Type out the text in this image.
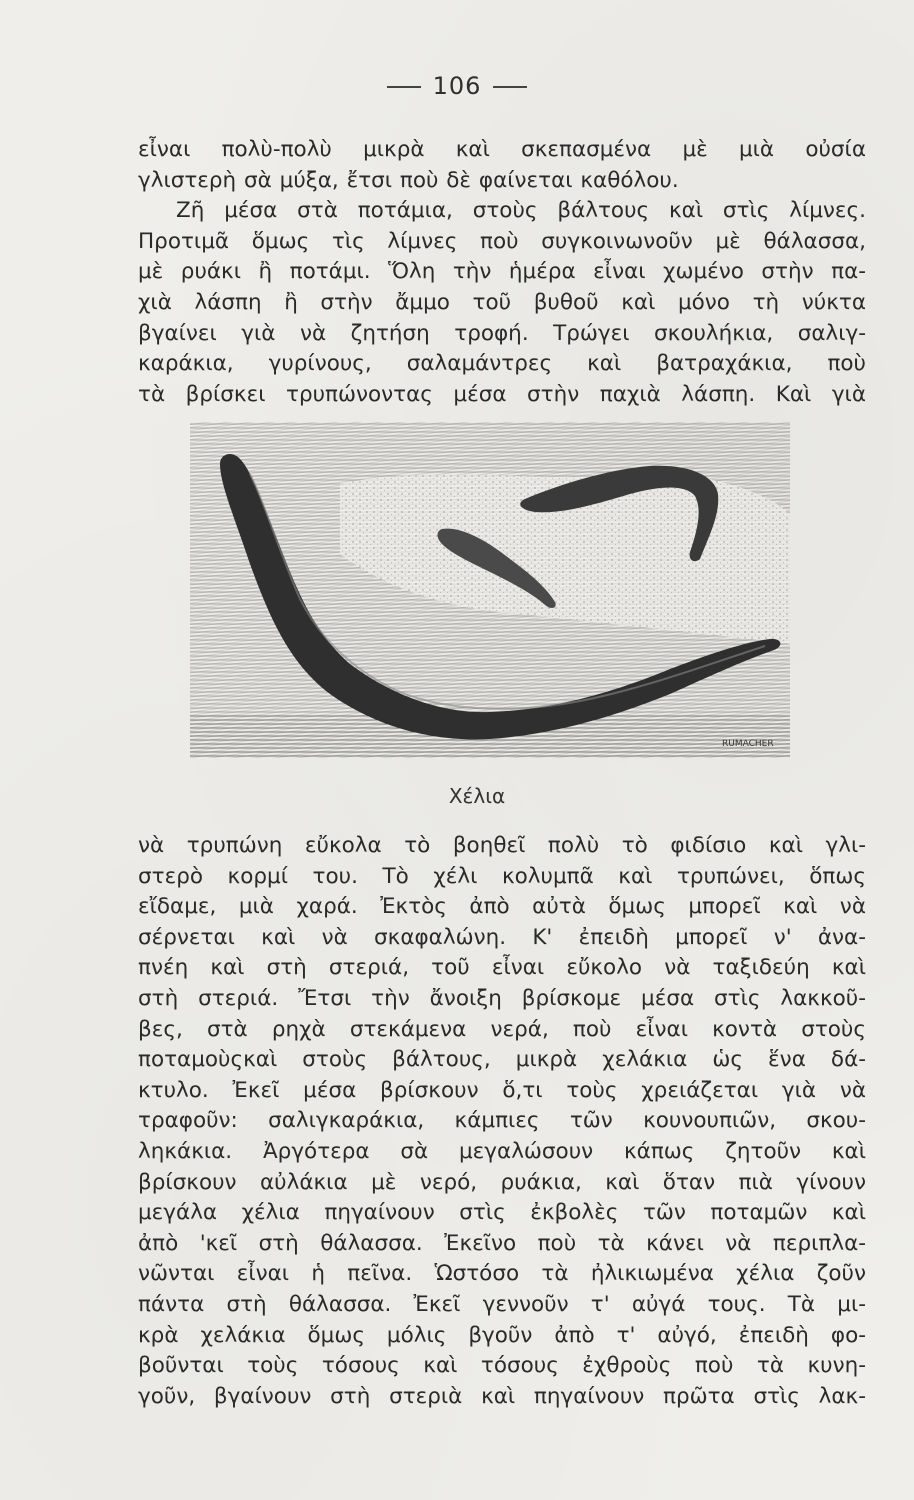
106
εἶναι πολὺ-πολὺ μικρὰ καὶ σκεπασμένα μὲ μιὰ οὐσία
γλιστερὴ σὰ μύξα, ἔτσι ποὺ δὲ φαίνεται καθόλου.
Ζῆ μέσα στὰ ποτάμια, στοὺς βάλτους καὶ στὶς λίμνες.
Προτιμᾶ ὅμως τὶς λίμνες ποὺ συγκοινωνοῦν μὲ θάλασσα,
μὲ ρυάκι ἢ ποτάμι. Ὅλη τὴν ἡμέρα εἶναι χωμένο στὴν πα-
χιὰ λάσπη ἢ στὴν ἄμμο τοῦ βυθοῦ καὶ μόνο τὴ νύκτα
βγαίνει γιὰ νὰ ζητήση τροφή. Τρώγει σκουλήκια, σαλιγ-
καράκια, γυρίνους, σαλαμάντρες καὶ βατραχάκια, ποὺ
τὰ βρίσκει τρυπώνοντας μέσα στὴν παχιὰ λάσπη. Καὶ γιὰ
RUMACHER
Χέλια
νὰ τρυπώνη εὔκολα τὸ βοηθεῖ πολὺ τὸ φιδίσιο καὶ γλι-
στερὸ κορμί του. Τὸ χέλι κολυμπᾶ καὶ τρυπώνει, ὅπως
εἴδαμε, μιὰ χαρά. Ἐκτὸς ἀπὸ αὐτὰ ὅμως μπορεῖ καὶ νὰ
σέρνεται καὶ νὰ σκαφαλώνη. Κ' ἐπειδὴ μπορεῖ ν' ἀνα-
πνέη καὶ στὴ στεριά, τοῦ εἶναι εὔκολο νὰ ταξιδεύη καὶ
στὴ στεριά. Ἔτσι τὴν ἄνοιξη βρίσκομε μέσα στὶς λακκοῦ-
βες, στὰ ρηχὰ στεκάμενα νερά, ποὺ εἶναι κοντὰ στοὺς
ποταμοὺςκαὶ στοὺς βάλτους, μικρὰ χελάκια ὡς ἕνα δά-
κτυλο. Ἐκεῖ μέσα βρίσκουν ὅ,τι τοὺς χρειάζεται γιὰ νὰ
τραφοῦν: σαλιγκαράκια, κάμπιες τῶν κουνουπιῶν, σκου-
ληκάκια. Ἀργότερα σὰ μεγαλώσουν κάπως ζητοῦν καὶ
βρίσκουν αὐλάκια μὲ νερό, ρυάκια, καὶ ὅταν πιὰ γίνουν
μεγάλα χέλια πηγαίνουν στὶς ἐκβολὲς τῶν ποταμῶν καὶ
ἀπὸ 'κεῖ στὴ θάλασσα. Ἐκεῖνο ποὺ τὰ κάνει νὰ περιπλα-
νῶνται εἶναι ἡ πεῖνα. Ὡστόσο τὰ ἠλικιωμένα χέλια ζοῦν
πάντα στὴ θάλασσα. Ἐκεῖ γεννοῦν τ' αὐγά τους. Τὰ μι-
κρὰ χελάκια ὅμως μόλις βγοῦν ἀπὸ τ' αὐγό, ἐπειδὴ φο-
βοῦνται τοὺς τόσους καὶ τόσους ἐχθροὺς ποὺ τὰ κυνη-
γοῦν, βγαίνουν στὴ στεριὰ καὶ πηγαίνουν πρῶτα στὶς λακ-
